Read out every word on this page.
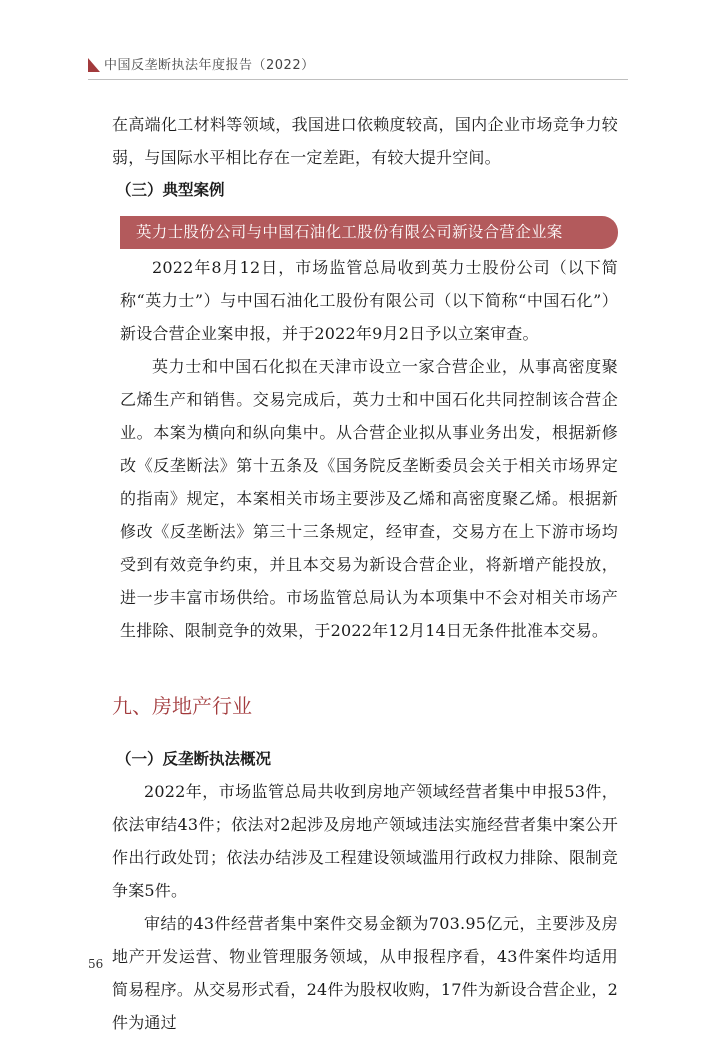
中国反垄断执法年度报告（2022）

在高端化工材料等领域，我国进口依赖度较高，国内企业市场竞争力较弱，与国际水平相比存在一定差距，有较大提升空间。

（三）典型案例

英力士股份公司与中国石油化工股份有限公司新设合营企业案

2022年8月12日，市场监管总局收到英力士股份公司（以下简称“英力士”）与中国石油化工股份有限公司（以下简称“中国石化”）新设合营企业案申报，并于2022年9月2日予以立案审查。

英力士和中国石化拟在天津市设立一家合营企业，从事高密度聚乙烯生产和销售。交易完成后，英力士和中国石化共同控制该合营企业。本案为横向和纵向集中。从合营企业拟从事业务出发，根据新修改《反垄断法》第十五条及《国务院反垄断委员会关于相关市场界定的指南》规定，本案相关市场主要涉及乙烯和高密度聚乙烯。根据新修改《反垄断法》第三十三条规定，经审查，交易方在上下游市场均受到有效竞争约束，并且本交易为新设合营企业，将新增产能投放，进一步丰富市场供给。市场监管总局认为本项集中不会对相关市场产生排除、限制竞争的效果，于2022年12月14日无条件批准本交易。

九、房地产行业

（一）反垄断执法概况

2022年，市场监管总局共收到房地产领域经营者集中申报53件，依法审结43件；依法对2起涉及房地产领域违法实施经营者集中案公开作出行政处罚；依法办结涉及工程建设领域滥用行政权力排除、限制竞争案5件。

审结的43件经营者集中案件交易金额为703.95亿元，主要涉及房地产开发运营、物业管理服务领域，从申报程序看，43件案件均适用简易程序。从交易形式看，24件为股权收购，17件为新设合营企业，2件为通过

56
